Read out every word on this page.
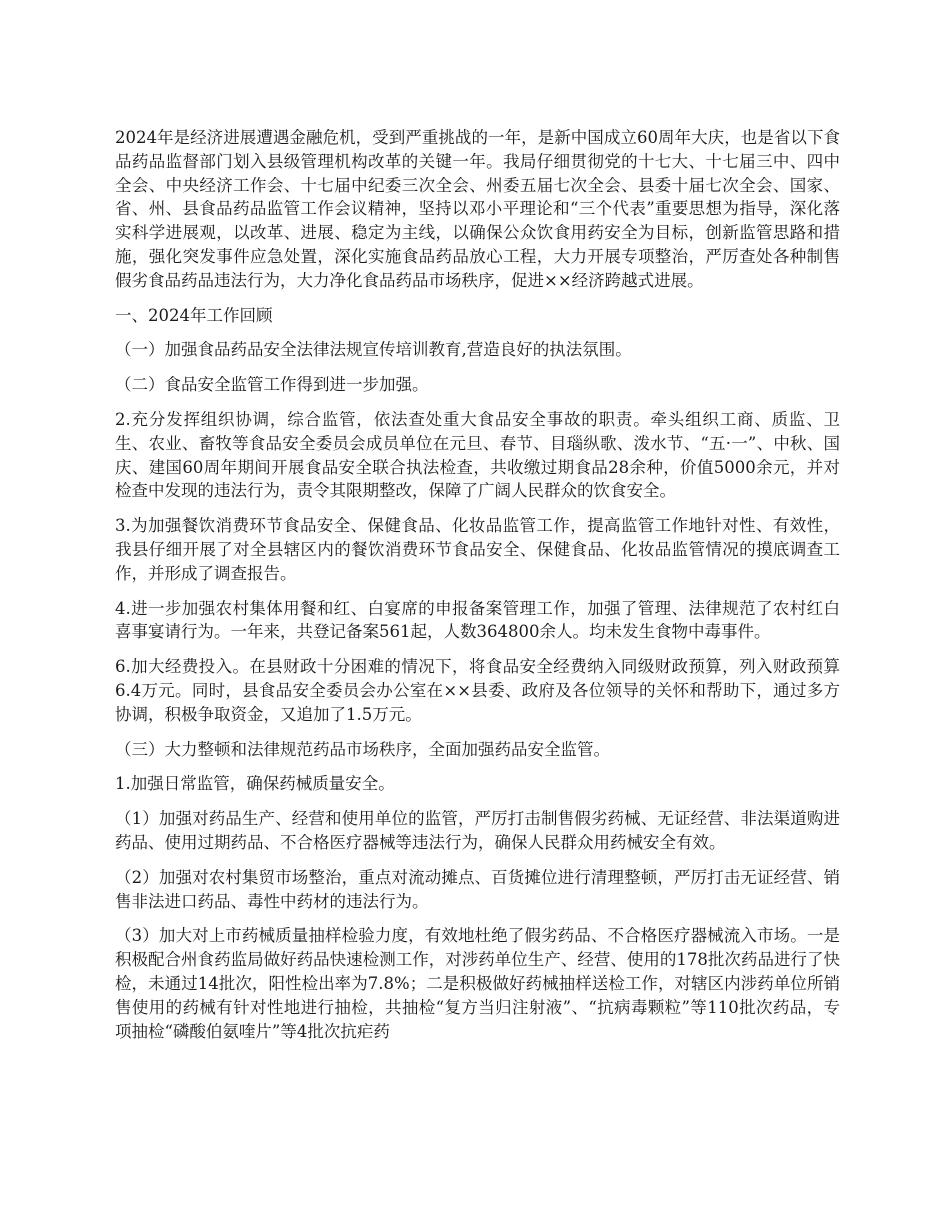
2024年是经济进展遭遇金融危机，受到严重挑战的一年，是新中国成立60周年大庆，也是省以下食品药品监督部门划入县级管理机构改革的关键一年。我局仔细贯彻党的十七大、十七届三中、四中全会、中央经济工作会、十七届中纪委三次全会、州委五届七次全会、县委十届七次全会、国家、省、州、县食品药品监管工作会议精神，坚持以邓小平理论和“三个代表”重要思想为指导，深化落实科学进展观，以改革、进展、稳定为主线，以确保公众饮食用药安全为目标，创新监管思路和措施，强化突发事件应急处置，深化实施食品药品放心工程，大力开展专项整治，严厉查处各种制售假劣食品药品违法行为，大力净化食品药品市场秩序，促进××经济跨越式进展。

一、2024年工作回顾

（一）加强食品药品安全法律法规宣传培训教育,营造良好的执法氛围。

（二）食品安全监管工作得到进一步加强。

2.充分发挥组织协调，综合监管，依法查处重大食品安全事故的职责。牵头组织工商、质监、卫生、农业、畜牧等食品安全委员会成员单位在元旦、春节、目瑙纵歌、泼水节、“五·一”、中秋、国庆、建国60周年期间开展食品安全联合执法检查，共收缴过期食品28余种，价值5000余元，并对检查中发现的违法行为，责令其限期整改，保障了广阔人民群众的饮食安全。

3.为加强餐饮消费环节食品安全、保健食品、化妆品监管工作，提高监管工作地针对性、有效性，我县仔细开展了对全县辖区内的餐饮消费环节食品安全、保健食品、化妆品监管情况的摸底调查工作，并形成了调查报告。

4.进一步加强农村集体用餐和红、白宴席的申报备案管理工作，加强了管理、法律规范了农村红白喜事宴请行为。一年来，共登记备案561起，人数364800余人。均未发生食物中毒事件。

6.加大经费投入。在县财政十分困难的情况下，将食品安全经费纳入同级财政预算，列入财政预算6.4万元。同时，县食品安全委员会办公室在××县委、政府及各位领导的关怀和帮助下，通过多方协调，积极争取资金，又追加了1.5万元。

（三）大力整顿和法律规范药品市场秩序，全面加强药品安全监管。

1.加强日常监管，确保药械质量安全。

（1）加强对药品生产、经营和使用单位的监管，严厉打击制售假劣药械、无证经营、非法渠道购进药品、使用过期药品、不合格医疗器械等违法行为，确保人民群众用药械安全有效。

（2）加强对农村集贸市场整治，重点对流动摊点、百货摊位进行清理整顿，严厉打击无证经营、销售非法进口药品、毒性中药材的违法行为。

（3）加大对上市药械质量抽样检验力度，有效地杜绝了假劣药品、不合格医疗器械流入市场。一是积极配合州食药监局做好药品快速检测工作，对涉药单位生产、经营、使用的178批次药品进行了快检，未通过14批次，阳性检出率为7.8%；二是积极做好药械抽样送检工作，对辖区内涉药单位所销售使用的药械有针对性地进行抽检，共抽检“复方当归注射液”、“抗病毒颗粒”等110批次药品，专项抽检“磷酸伯氨喹片”等4批次抗疟药
